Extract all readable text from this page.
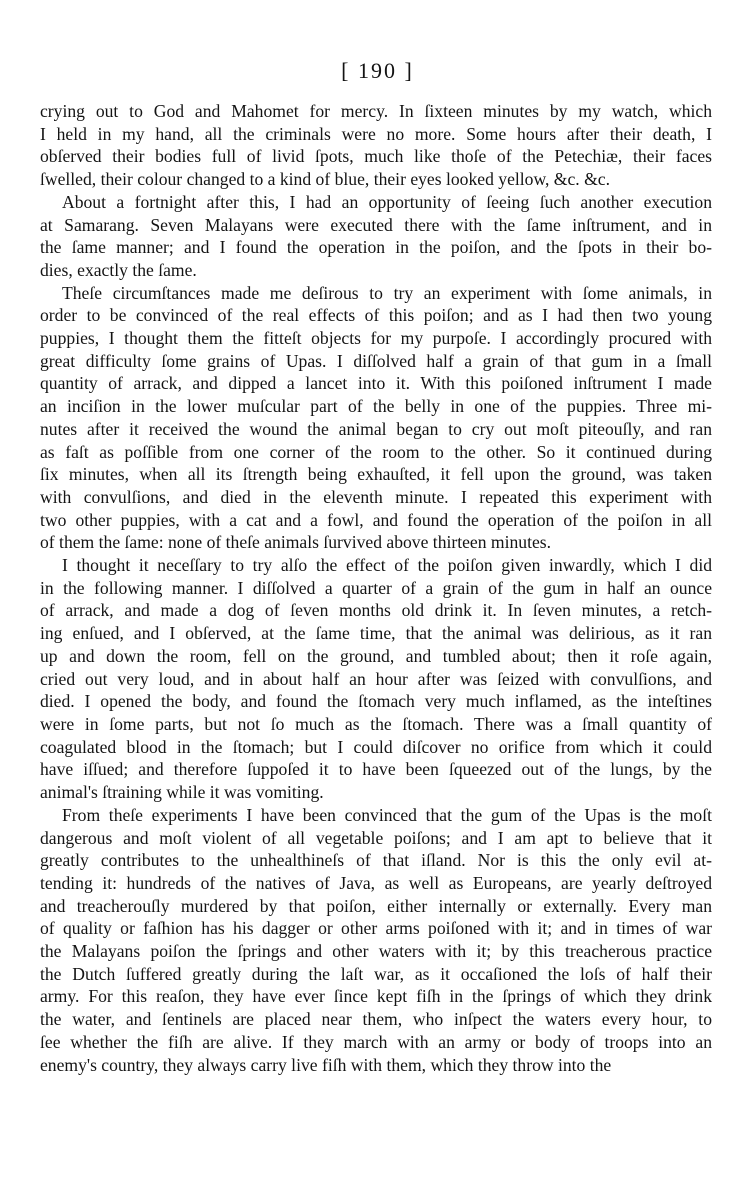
[ 190 ]
crying out to God and Mahomet for mercy. In ſixteen minutes by my watch, which
I held in my hand, all the criminals were no more. Some hours after their death, I
obſerved their bodies full of livid ſpots, much like thoſe of the Petechiæ, their faces
ſwelled, their colour changed to a kind of blue, their eyes looked yellow, &c. &c.
About a fortnight after this, I had an opportunity of ſeeing ſuch another execution
at Samarang. Seven Malayans were executed there with the ſame inſtrument, and in
the ſame manner; and I found the operation in the poiſon, and the ſpots in their bo-
dies, exactly the ſame.
Theſe circumſtances made me deſirous to try an experiment with ſome animals, in
order to be convinced of the real effects of this poiſon; and as I had then two young
puppies, I thought them the fitteſt objects for my purpoſe. I accordingly procured with
great difficulty ſome grains of Upas. I diſſolved half a grain of that gum in a ſmall
quantity of arrack, and dipped a lancet into it. With this poiſoned inſtrument I made
an inciſion in the lower muſcular part of the belly in one of the puppies. Three mi-
nutes after it received the wound the animal began to cry out moſt piteouſly, and ran
as faſt as poſſible from one corner of the room to the other. So it continued during
ſix minutes, when all its ſtrength being exhauſted, it fell upon the ground, was taken
with convulſions, and died in the eleventh minute. I repeated this experiment with
two other puppies, with a cat and a fowl, and found the operation of the poiſon in all
of them the ſame: none of theſe animals ſurvived above thirteen minutes.
I thought it neceſſary to try alſo the effect of the poiſon given inwardly, which I did
in the following manner. I diſſolved a quarter of a grain of the gum in half an ounce
of arrack, and made a dog of ſeven months old drink it. In ſeven minutes, a retch-
ing enſued, and I obſerved, at the ſame time, that the animal was delirious, as it ran
up and down the room, fell on the ground, and tumbled about; then it roſe again,
cried out very loud, and in about half an hour after was ſeized with convulſions, and
died. I opened the body, and found the ſtomach very much inflamed, as the inteſtines
were in ſome parts, but not ſo much as the ſtomach. There was a ſmall quantity of
coagulated blood in the ſtomach; but I could diſcover no orifice from which it could
have iſſued; and therefore ſuppoſed it to have been ſqueezed out of the lungs, by the
animal's ſtraining while it was vomiting.
From theſe experiments I have been convinced that the gum of the Upas is the moſt
dangerous and moſt violent of all vegetable poiſons; and I am apt to believe that it
greatly contributes to the unhealthineſs of that iſland. Nor is this the only evil at-
tending it: hundreds of the natives of Java, as well as Europeans, are yearly deſtroyed
and treacherouſly murdered by that poiſon, either internally or externally. Every man
of quality or faſhion has his dagger or other arms poiſoned with it; and in times of war
the Malayans poiſon the ſprings and other waters with it; by this treacherous practice
the Dutch ſuffered greatly during the laſt war, as it occaſioned the loſs of half their
army. For this reaſon, they have ever ſince kept fiſh in the ſprings of which they drink
the water, and ſentinels are placed near them, who inſpect the waters every hour, to
ſee whether the fiſh are alive. If they march with an army or body of troops into an
enemy's country, they always carry live fiſh with them, which they throw into the
